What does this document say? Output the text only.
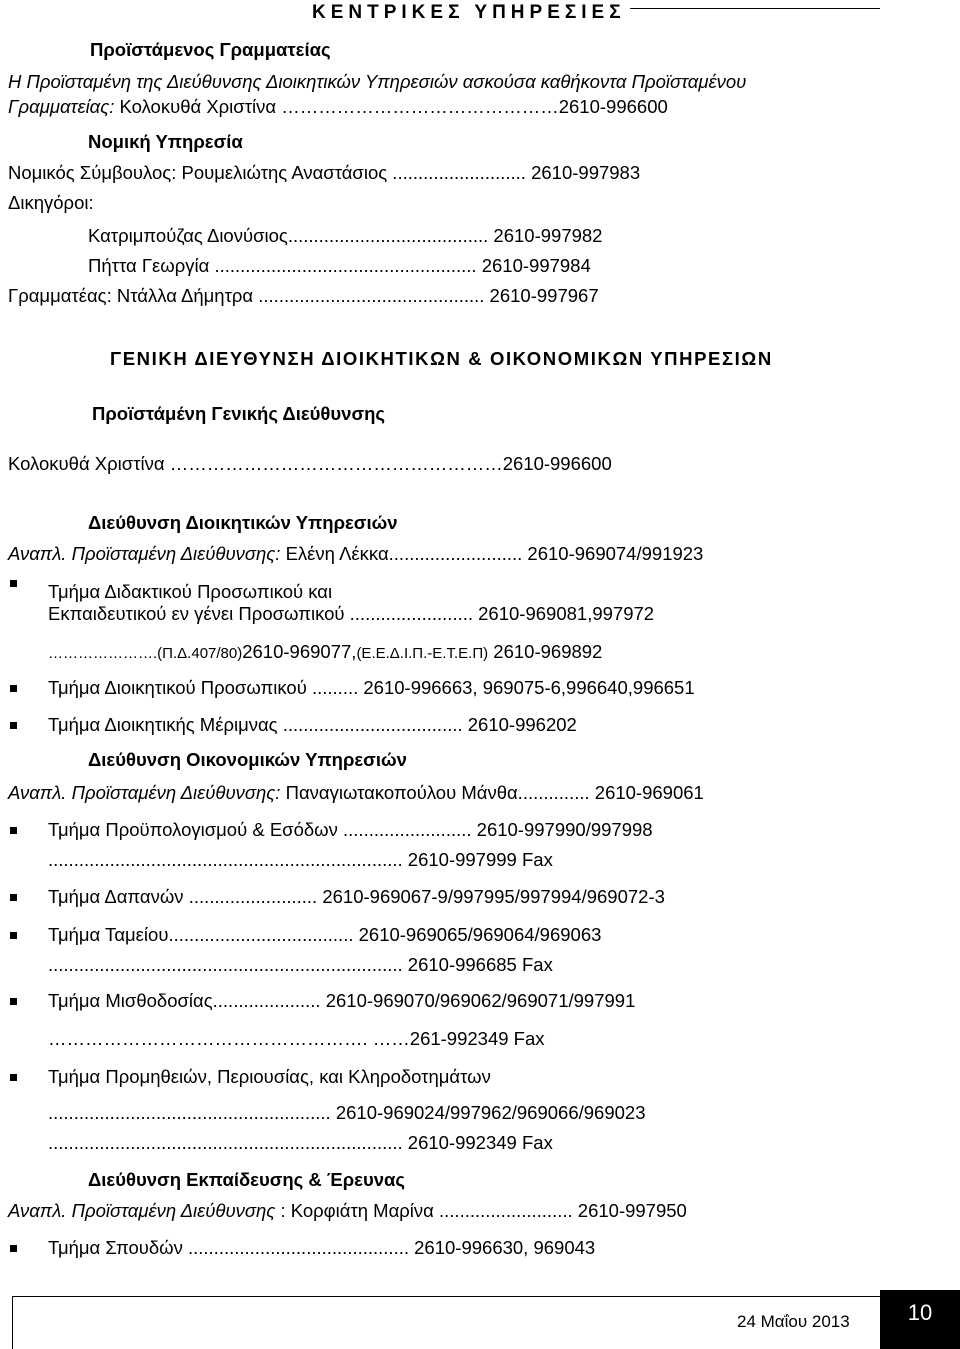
ΚΕΝΤΡΙΚΕΣ ΥΠΗΡΕΣΙΕΣ
Προϊστάμενος Γραμματείας
Η Προϊσταμένη της Διεύθυνσης Διοικητικών Υπηρεσιών ασκούσα καθήκοντα Προϊσταμένου
Γραμματείας: Κολοκυθά Χριστίνα ………………………………………2610-996600
Νομική Υπηρεσία
Νομικός Σύμβουλος: Ρουμελιώτης Αναστάσιος .......................... 2610-997983
Δικηγόροι:
Κατριμπούζας Διονύσιος....................................... 2610-997982
Πήττα Γεωργία ................................................... 2610-997984
Γραμματέας: Ντάλλα Δήμητρα ............................................ 2610-997967
ΓΕΝΙΚΗ ΔΙΕΥΘΥΝΣΗ ΔΙΟΙΚΗΤΙΚΩΝ & ΟΙΚΟΝΟΜΙΚΩΝ ΥΠΗΡΕΣΙΩΝ
Προϊστάμένη Γενικής Διεύθυνσης
Κολοκυθά Χριστίνα ………………………………………………2610-996600
Διεύθυνση Διοικητικών Υπηρεσιών
Αναπλ. Προϊσταμένη Διεύθυνσης: Ελένη Λέκκα.......................... 2610-969074/991923
Τμήμα Διδακτικού Προσωπικού και
Εκπαιδευτικού εν γένει Προσωπικού ........................ 2610-969081,997972
………………….(Π.Δ.407/80)2610-969077,(Ε.Ε.Δ.Ι.Π.-Ε.Τ.Ε.Π) 2610-969892
Τμήμα Διοικητικού Προσωπικού ......... 2610-996663, 969075-6,996640,996651
Τμήμα Διοικητικής Μέριμνας ................................... 2610-996202
Διεύθυνση Οικονομικών Υπηρεσιών
Αναπλ. Προϊσταμένη Διεύθυνσης: Παναγιωτακοπούλου Μάνθα.............. 2610-969061
Τμήμα Προϋπολογισμού & Εσόδων ......................... 2610-997990/997998
..................................................................... 2610-997999 Fax
Τμήμα Δαπανών ......................... 2610-969067-9/997995/997994/969072-3
Τμήμα Ταμείου.................................... 2610-969065/969064/969063
..................................................................... 2610-996685 Fax
Τμήμα Μισθοδοσίας..................... 2610-969070/969062/969071/997991
……………………………………………. ……261-992349 Fax
Τμήμα Προμηθειών, Περιουσίας, και Κληροδοτημάτων
....................................................... 2610-969024/997962/969066/969023
..................................................................... 2610-992349 Fax
Διεύθυνση Εκπαίδευσης & Έρευνας
Αναπλ. Προϊσταμένη Διεύθυνσης : Κορφιάτη Μαρίνα .......................... 2610-997950
Τμήμα Σπουδών ........................................... 2610-996630, 969043
24 Μαΐου 2013	10
